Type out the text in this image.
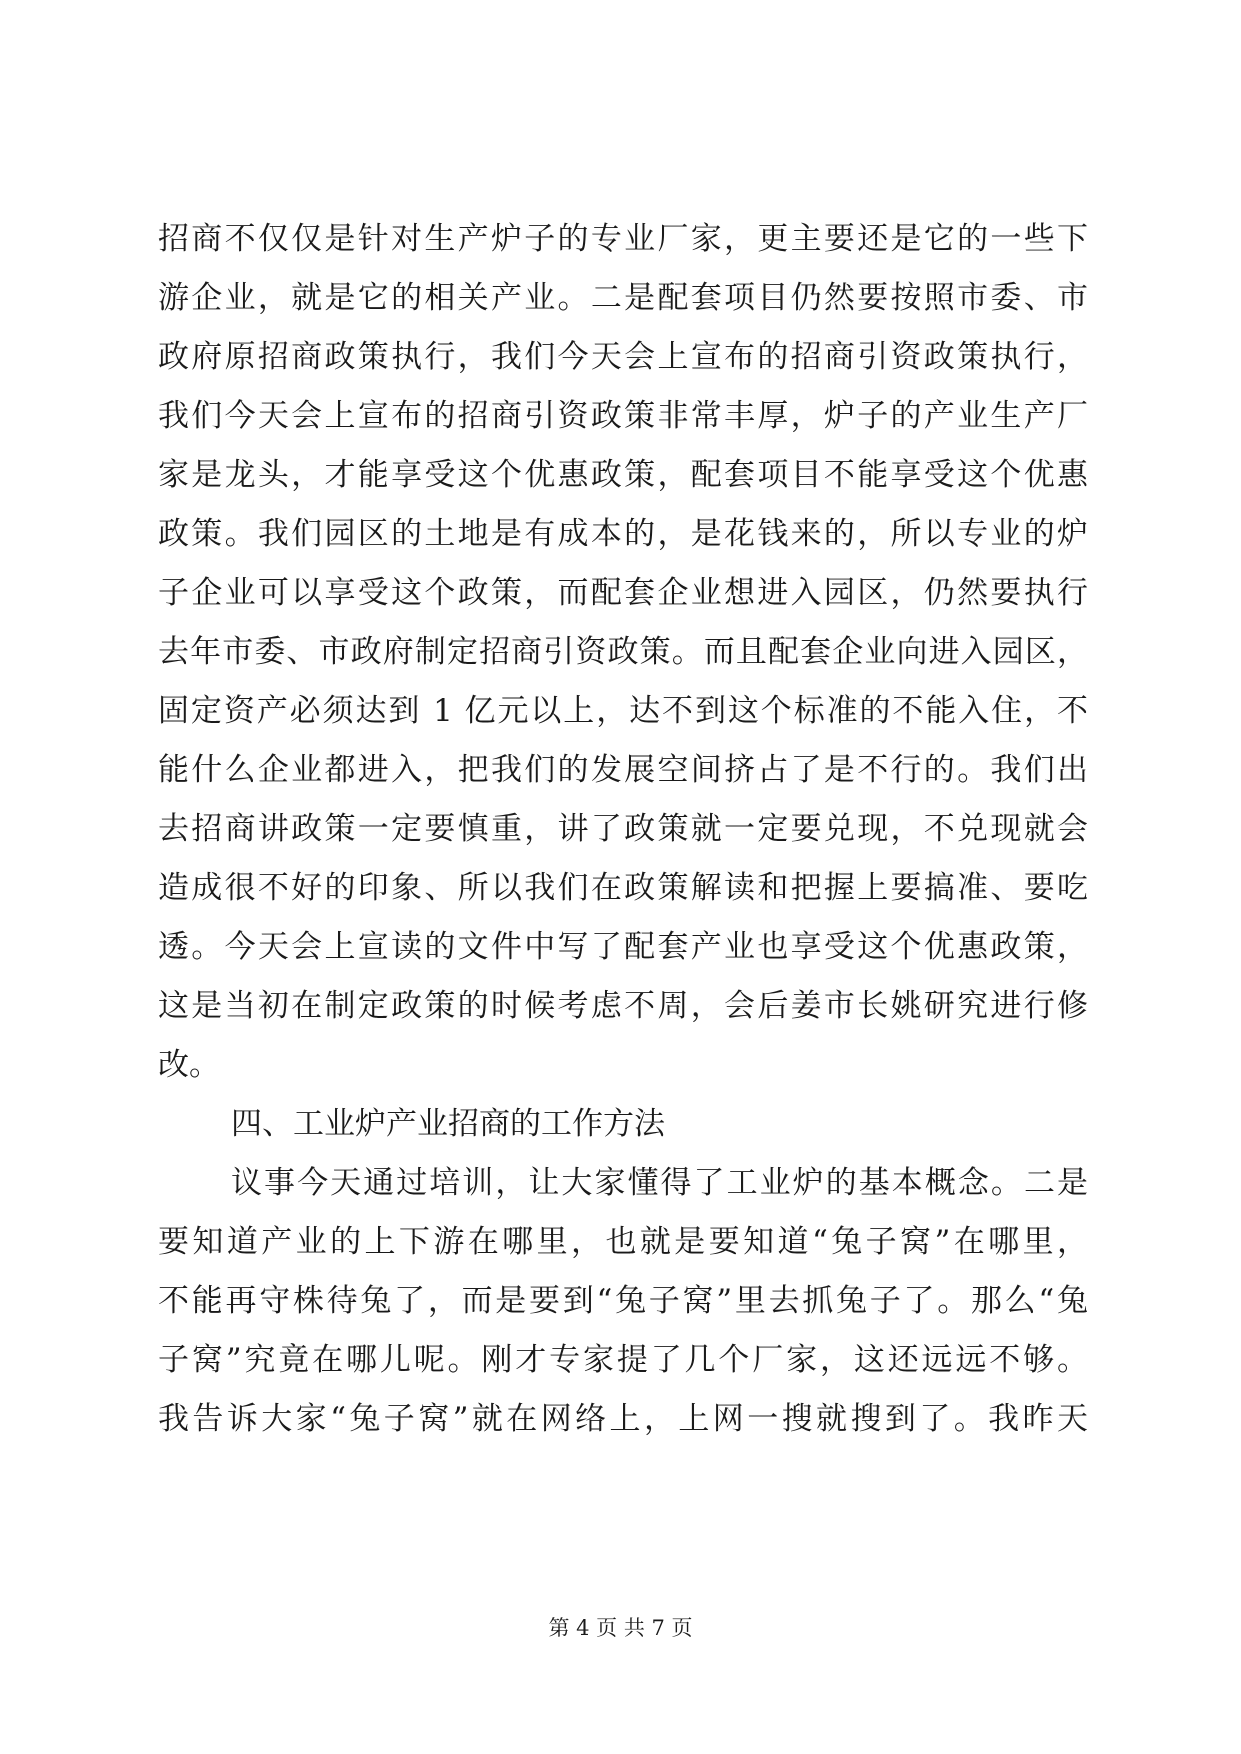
招商不仅仅是针对生产炉子的专业厂家，更主要还是它的一些下
游企业，就是它的相关产业。二是配套项目仍然要按照市委、市
政府原招商政策执行，我们今天会上宣布的招商引资政策执行，
我们今天会上宣布的招商引资政策非常丰厚，炉子的产业生产厂
家是龙头，才能享受这个优惠政策，配套项目不能享受这个优惠
政策。我们园区的土地是有成本的，是花钱来的，所以专业的炉
子企业可以享受这个政策，而配套企业想进入园区，仍然要执行
去年市委、市政府制定招商引资政策。而且配套企业向进入园区，
固定资产必须达到 1 亿元以上，达不到这个标准的不能入住，不
能什么企业都进入，把我们的发展空间挤占了是不行的。我们出
去招商讲政策一定要慎重，讲了政策就一定要兑现，不兑现就会
造成很不好的印象、所以我们在政策解读和把握上要搞准、要吃
透。今天会上宣读的文件中写了配套产业也享受这个优惠政策，
这是当初在制定政策的时候考虑不周，会后姜市长姚研究进行修
改。
四、工业炉产业招商的工作方法
议事今天通过培训，让大家懂得了工业炉的基本概念。二是
要知道产业的上下游在哪里，也就是要知道“兔子窝”在哪里，
不能再守株待兔了，而是要到“兔子窝”里去抓兔子了。那么“兔
子窝”究竟在哪儿呢。刚才专家提了几个厂家，这还远远不够。
我告诉大家“兔子窝”就在网络上，上网一搜就搜到了。我昨天
第 4 页 共 7 页
